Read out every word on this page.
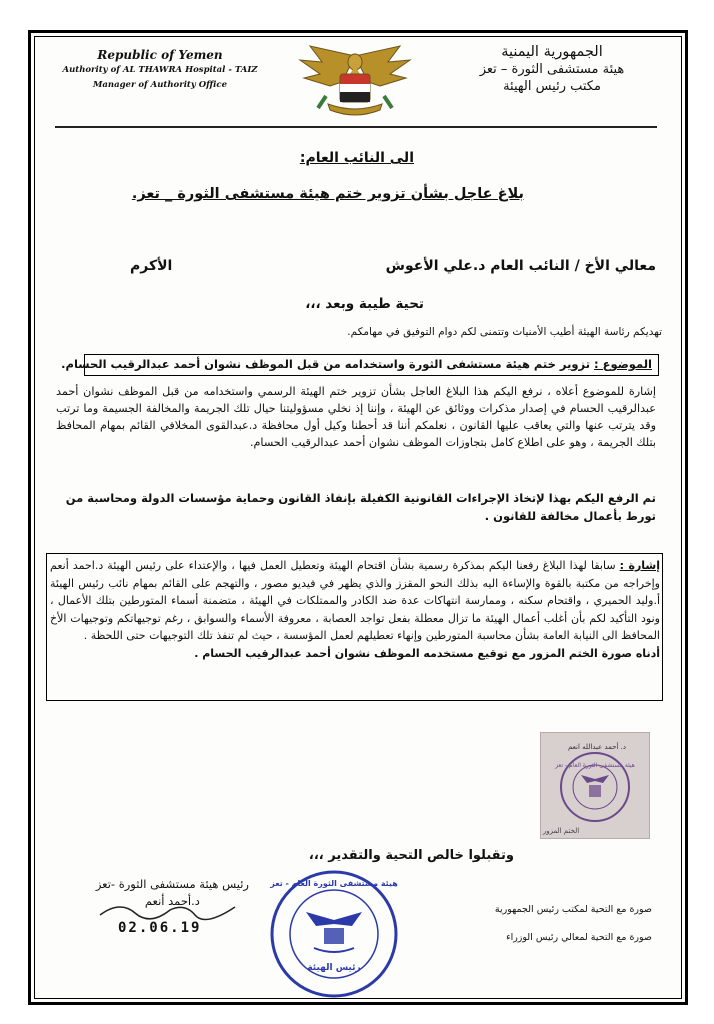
Republic of Yemen
Authority of AL THAWRA Hospital - TAIZ
Manager of Authority Office
الجمهورية اليمنية
هيئة مستشفى الثورة – تعز
مكتب رئيس الهيئة
الى النائب العام:
بلاغ عاجل بشأن تزوير ختم هيئة مستشفى الثورة _ تعز.
معالي الأخ / النائب العام د.علي الأعوش
الأكرم
تحية طيبة وبعد ،،،
تهديكم رئاسة الهيئة أطيب الأمنيات وتتمنى لكم دوام التوفيق في مهامكم.
الموضوع : تزوير ختم هيئة مستشفى الثورة واستخدامه من قبل الموظف نشوان أحمد عبدالرقيب الحسام.

إشارة للموضوع أعلاه ، نرفع اليكم هذا البلاغ العاجل بشأن تزوير ختم الهيئة الرسمي واستخدامه من قبل الموظف نشوان أحمد عبدالرقيب الحسام في إصدار مذكرات ووثائق عن الهيئة ، وإننا إذ نخلي مسؤوليتنا حيال تلك الجريمة والمخالفة الجسيمة وما ترتب وقد يترتب عنها والتي يعاقب عليها القانون ، نعلمكم أننا قد أحطنا وكيل أول محافظة د.عبدالقوى المخلافي القائم بمهام المحافظ بتلك الجريمة ، وهو على اطلاع كامل بتجاوزات الموظف نشوان أحمد عبدالرقيب الحسام.

تم الرفع اليكم بهذا لإتخاذ الإجراءات القانونية الكفيلة بإنفاذ القانون وحماية مؤسسات الدولة ومحاسبة من تورط بأعمال مخالفة للقانون .
إشارة : سابقا لهذا البلاغ رفعنا اليكم بمذكرة رسمية بشأن اقتحام الهيئة وتعطيل العمل فيها ، والإعتداء على رئيس الهيئة د.احمد أنعم وإخراجه من مكتبة بالقوة والإساءة اليه بذلك النحو المقزز والذي يظهر في فيديو مصور ، والتهجم على القائم بمهام نائب رئيس الهيئة أ.وليد الحميري ، واقتحام سكنه ، وممارسة انتهاكات عدة ضد الكادر والممتلكات في الهيئة ، متضمنة أسماء المتورطين بتلك الأعمال ، ونود التأكيد لكم بأن أغلب أعمال الهيئة ما تزال معطلة بفعل تواجد العصابة ، معروفة الأسماء والسوابق ، رغم توجيهاتكم وتوجيهات الأخ المحافظ الى النيابة العامة بشأن محاسبة المتورطين وإنهاء تعطيلهم لعمل المؤسسة ، حيث لم تنفذ تلك التوجيهات حتى اللحظة .
أدناه صورة الختم المزور مع توقيع مستخدمه الموظف نشوان أحمد عبدالرقيب الحسام .
د. أحمد عبدالله انعم
هيئة مستشفى الثورة العام - تعز
الختم المزور
وتقبلوا خالص التحية والتقدير ،،،
رئيس هيئة مستشفى الثورة -تعز
د.أحمد أنعم
02.06.19
هيئة مستشفى الثورة العام - تعز
رئيس الهيئة
صورة مع التحية لمكتب رئيس الجمهورية
صورة مع التحية لمعالي رئيس الوزراء
